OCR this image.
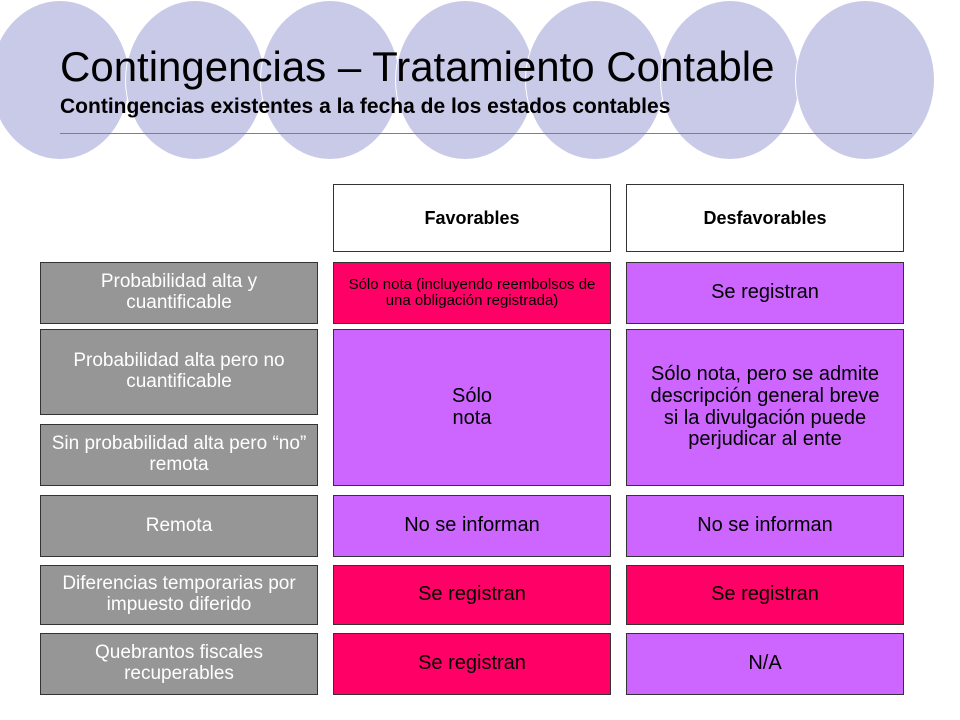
Contingencias – Tratamiento Contable
Contingencias existentes a la fecha de los estados contables
Favorables	Desfavorables
Probabilidad alta y cuantificable
Probabilidad alta pero no cuantificable
Sin probabilidad alta pero “no” remota
Remota
Diferencias temporarias por impuesto diferido
Quebrantos fiscales recuperables
Sólo nota (incluyendo reembolsos de una obligación registrada)
Sólo nota
No se informan
Se registran
Se registran
Se registran
Sólo nota, pero se admite descripción general breve si la divulgación puede perjudicar al ente
No se informan
Se registran
N/A
